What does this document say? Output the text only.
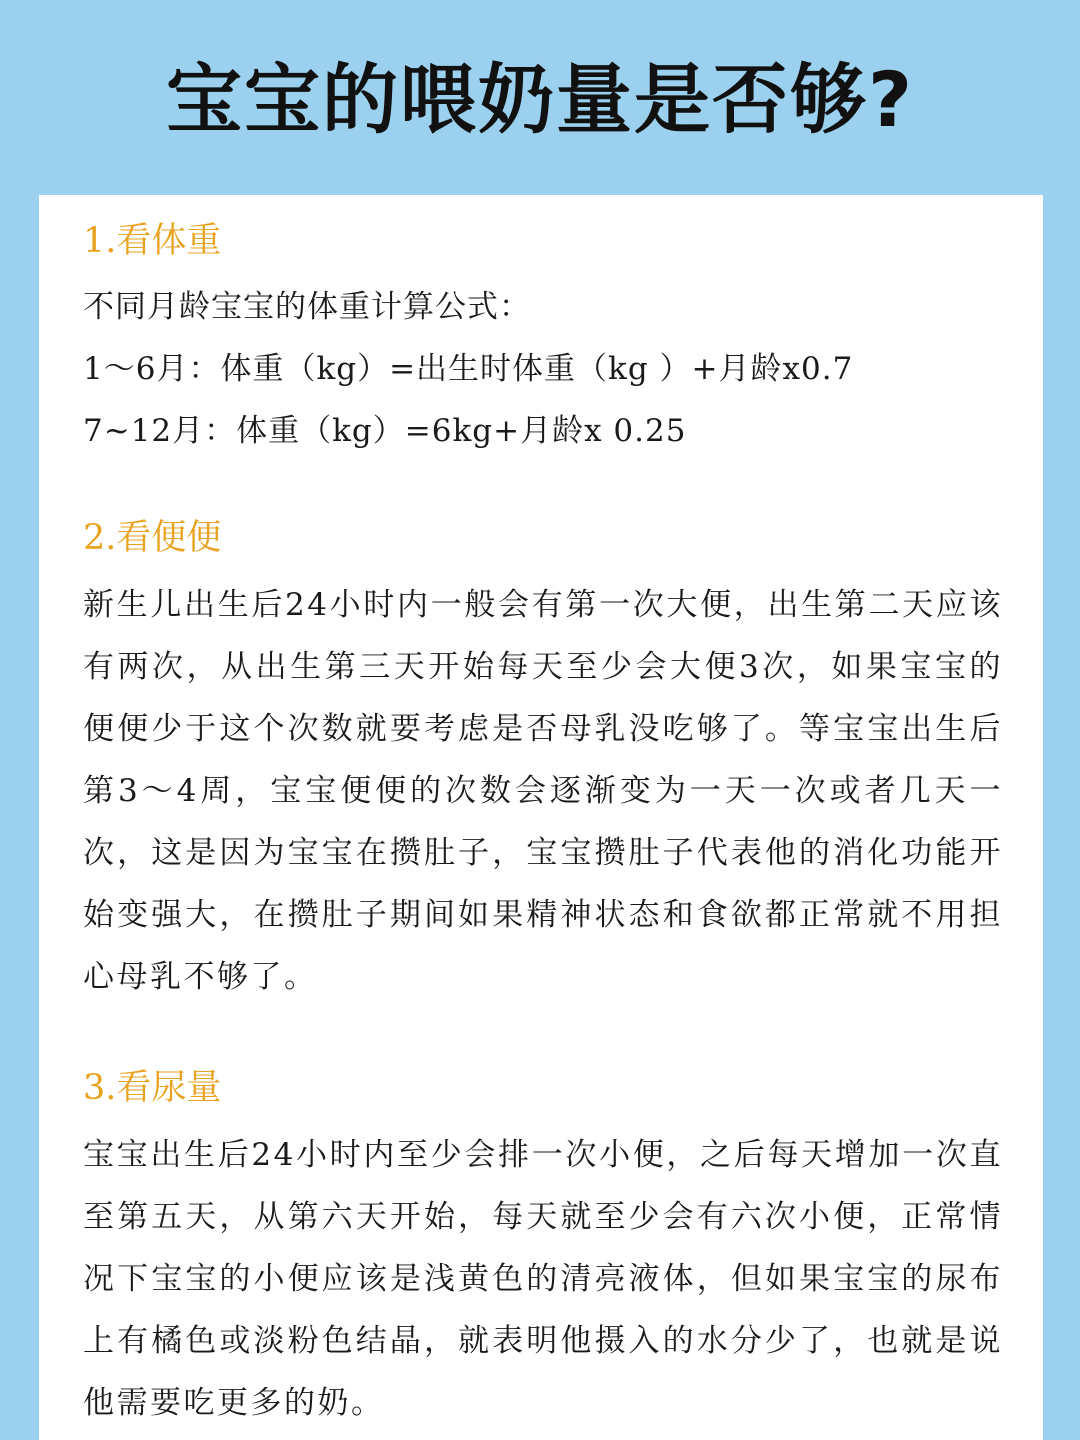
宝宝的喂奶量是否够?
1.看体重
不同月龄宝宝的体重计算公式：
1～6月：体重（kg）=出生时体重（kg ）+月龄x0.7
7~12月：体重（kg）=6kg+月龄x 0.25
2.看便便

新生儿出生后24小时内一般会有第一次大便，出生第二天应该有两次，从出生第三天开始每天至少会大便3次，如果宝宝的便便少于这个次数就要考虑是否母乳没吃够了。等宝宝出生后第3～4周，宝宝便便的次数会逐渐变为一天一次或者几天一次，这是因为宝宝在攒肚子，宝宝攒肚子代表他的消化功能开始变强大，在攒肚子期间如果精神状态和食欲都正常就不用担心母乳不够了。

3.看尿量

宝宝出生后24小时内至少会排一次小便，之后每天增加一次直至第五天，从第六天开始，每天就至少会有六次小便，正常情况下宝宝的小便应该是浅黄色的清亮液体，但如果宝宝的尿布上有橘色或淡粉色结晶，就表明他摄入的水分少了，也就是说他需要吃更多的奶。
